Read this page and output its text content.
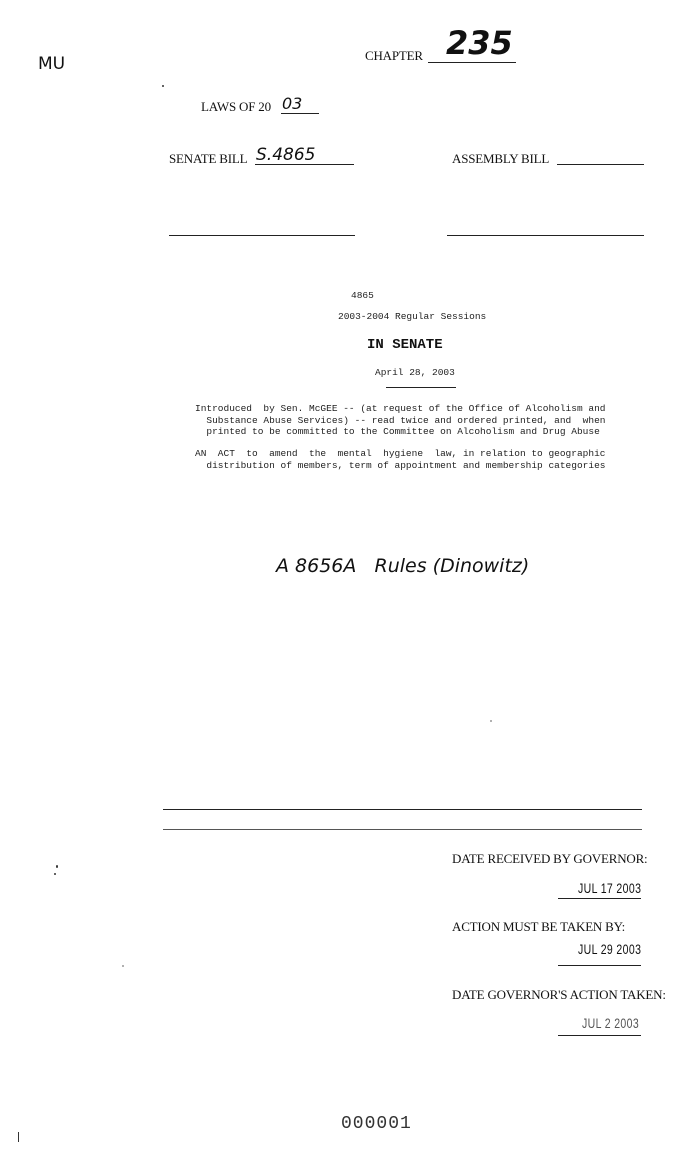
MU	CHAPTER 235
LAWS OF 20 03
SENATE BILL S.4865	ASSEMBLY BILL
4865
2003-2004 Regular Sessions
IN SENATE
April 28, 2003
Introduced  by Sen. McGEE -- (at request of the Office of Alcoholism and
Substance Abuse Services) -- read twice and ordered printed, and  when
printed to be committed to the Committee on Alcoholism and Drug Abuse
AN  ACT  to  amend  the  mental  hygiene  law, in relation to geographic
distribution of members, term of appointment and membership categories
A 8656A   Rules (Dinowitz)
DATE RECEIVED BY GOVERNOR:
JUL 17 2003
ACTION MUST BE TAKEN BY:
JUL 29 2003
DATE GOVERNOR'S ACTION TAKEN:
JUL 2 2003
000001
